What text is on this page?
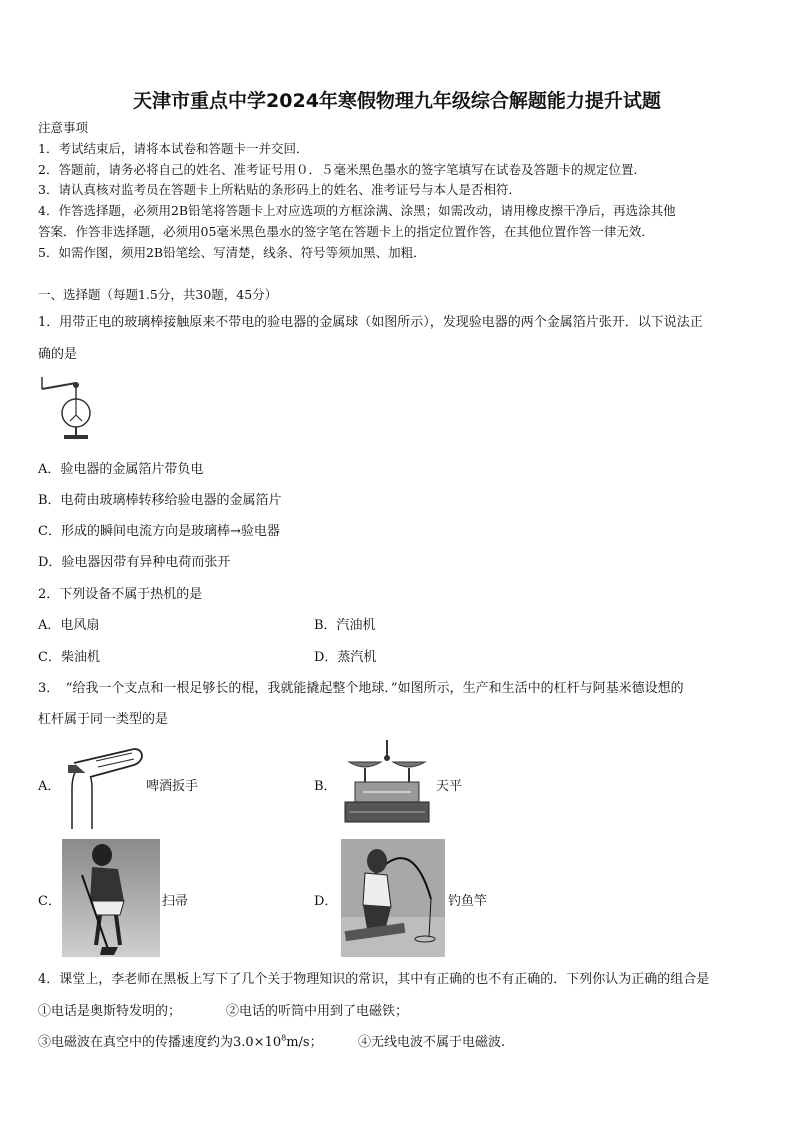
天津市重点中学2024年寒假物理九年级综合解题能力提升试题
注意事项
1．考试结束后，请将本试卷和答题卡一并交回．
2．答题前，请务必将自己的姓名、准考证号用０．５毫米黑色墨水的签字笔填写在试卷及答题卡的规定位置．
3．请认真核对监考员在答题卡上所粘贴的条形码上的姓名、准考证号与本人是否相符．
4．作答选择题，必须用2B铅笔将答题卡上对应选项的方框涂满、涂黑；如需改动，请用橡皮擦干净后，再选涂其他
答案．作答非选择题，必须用05毫米黑色墨水的签字笔在答题卡上的指定位置作答，在其他位置作答一律无效．
5．如需作图，须用2B铅笔绘、写清楚，线条、符号等须加黑、加粗．
一、选择题（每题1.5分，共30题，45分）
1．用带正电的玻璃棒接触原来不带电的验电器的金属球（如图所示），发现验电器的两个金属箔片张开．以下说法正
确的是
A．验电器的金属箔片带负电
B．电荷由玻璃棒转移给验电器的金属箔片
C．形成的瞬间电流方向是玻璃棒→验电器
D．验电器因带有异种电荷而张开
2．下列设备不属于热机的是
A．电风扇	B．汽油机
C．柴油机	D．蒸汽机
3．　“给我一个支点和一根足够长的棍，我就能撬起整个地球．”如图所示，生产和生活中的杠杆与阿基米德设想的
杠杆属于同一类型的是
A．	啤酒扳手	B．	天平
C．	扫帚	D．	钓鱼竿
4．课堂上，李老师在黑板上写下了几个关于物理知识的常识，其中有正确的也不有正确的．下列你认为正确的组合是
①电话是奥斯特发明的；	②电话的听筒中用到了电磁铁；
③电磁波在真空中的传播速度约为$3.0\times 10^8m/s$；	④无线电波不属于电磁波.
